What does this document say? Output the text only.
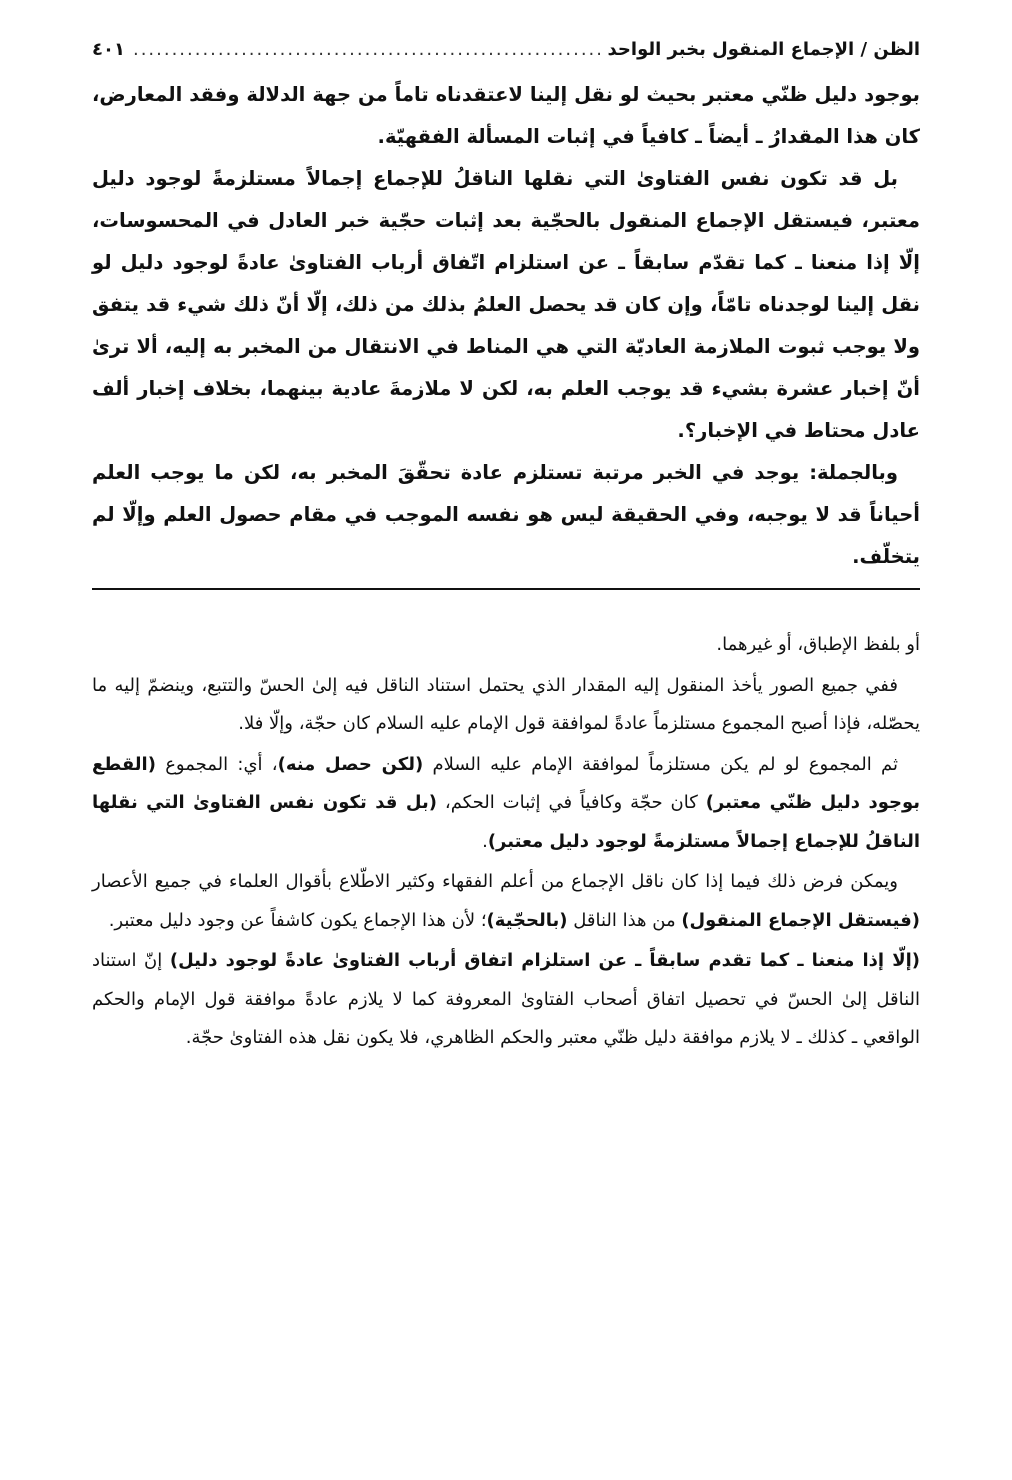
الظن / الإجماع المنقول بخبر الواحد
.....
٤٠١

بوجود دليل ظنّي معتبر بحيث لو نقل إلينا لاعتقدناه تاماً من جهة الدلالة وفقد المعارض، كان هذا المقدارُ ـ أيضاً ـ كافياً في إثبات المسألة الفقهيّة.

بل قد تكون نفس الفتاوىٰ التي نقلها الناقلُ للإجماع إجمالاً مستلزمةً لوجود دليل معتبر، فيستقل الإجماع المنقول بالحجّية بعد إثبات حجّية خبر العادل في المحسوسات، إلّا إذا منعنا ـ كما تقدّم سابقاً ـ عن استلزام اتّفاق أرباب الفتاوىٰ عادةً لوجود دليل لو نقل إلينا لوجدناه تامّاً، وإن كان قد يحصل العلمُ بذلك من ذلك، إلّا أنّ ذلك شيء قد يتفق ولا يوجب ثبوت الملازمة العاديّة التي هي المناط في الانتقال من المخبر به إليه، ألا ترىٰ أنّ إخبار عشرة بشيء قد يوجب العلم به، لكن لا ملازمةَ عادية بينهما، بخلاف إخبار ألف عادل محتاط في الإخبار؟.

وبالجملة: يوجد في الخبر مرتبة تستلزم عادة تحقّقَ المخبر به، لكن ما يوجب العلم أحياناً قد لا يوجبه، وفي الحقيقة ليس هو نفسه الموجب في مقام حصول العلم وإلّا لم يتخلّف.

أو بلفظ الإطباق، أو غيرهما.

ففي جميع الصور يأخذ المنقول إليه المقدار الذي يحتمل استناد الناقل فيه إلىٰ الحسّ والتتبع، وينضمّ إليه ما يحصّله، فإذا أصبح المجموع مستلزماً عادةً لموافقة قول الإمام عليه السلام كان حجّة، وإلّا فلا.

ثم المجموع لو لم يكن مستلزماً لموافقة الإمام عليه السلام (لكن حصل منه)، أي: المجموع (القطع بوجود دليل ظنّي معتبر) كان حجّة وكافياً في إثبات الحكم، (بل قد تكون نفس الفتاوىٰ التي نقلها الناقلُ للإجماع إجمالاً مستلزمةً لوجود دليل معتبر).

ويمكن فرض ذلك فيما إذا كان ناقل الإجماع من أعلم الفقهاء وكثير الاطّلاع بأقوال العلماء في جميع الأعصار (فيستقل الإجماع المنقول) من هذا الناقل (بالحجّية)؛ لأن هذا الإجماع يكون كاشفاً عن وجود دليل معتبر.

(إلّا إذا منعنا ـ كما تقدم سابقاً ـ عن استلزام اتفاق أرباب الفتاوىٰ عادةً لوجود دليل) إنّ استناد الناقل إلىٰ الحسّ في تحصيل اتفاق أصحاب الفتاوىٰ المعروفة كما لا يلازم عادةً موافقة قول الإمام والحكم الواقعي ـ كذلك ـ لا يلازم موافقة دليل ظنّي معتبر والحكم الظاهري، فلا يكون نقل هذه الفتاوىٰ حجّة.
